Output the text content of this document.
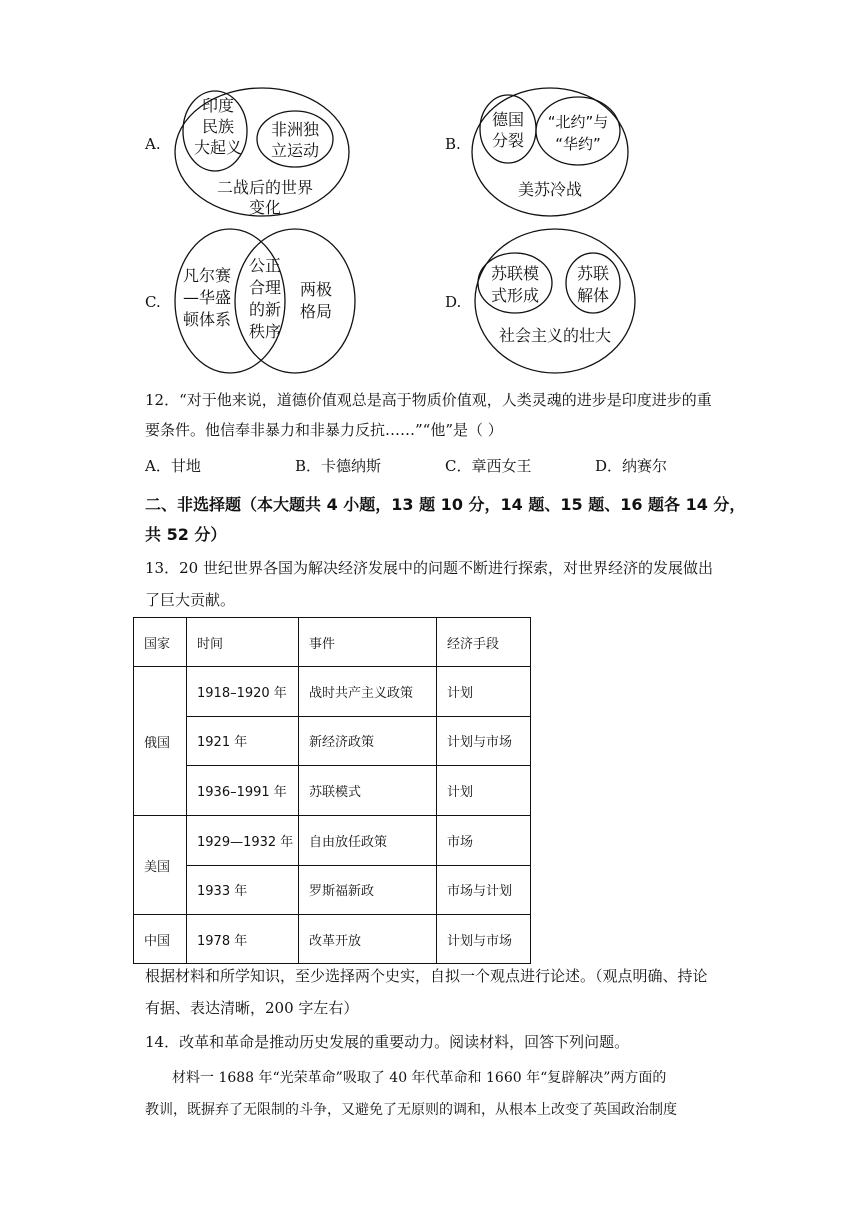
A.
印度
民族
大起义
非洲独
立运动
二战后的世界
变化
B.
德国
分裂
“北约”与
“华约”
美苏冷战
C.
凡尔赛
—华盛
顿体系
公正
合理
的新
秩序
两极
格局	D.
苏联模
式形成
苏联
解体
社会主义的壮大
12．“对于他来说，道德价值观总是高于物质价值观，人类灵魂的进步是印度进步的重
要条件。他信奉非暴力和非暴力反抗……”“他”是（ ）
A．甘地	B．卡德纳斯	C．章西女王	D．纳赛尔
二、非选择题（本大题共 4 小题，13 题 10 分，14 题、15 题、16 题各 14 分，
共 52 分）
13．20 世纪世界各国为解决经济发展中的问题不断进行探索，对世界经济的发展做出
了巨大贡献。
国家	时间	事件	经济手段
俄国	1918–1920 年	战时共产主义政策	计划
	1921 年	新经济政策	计划与市场
	1936–1991 年	苏联模式	计划
美国	1929—1932 年	自由放任政策	市场
	1933 年	罗斯福新政	市场与计划
中国	1978 年	改革开放	计划与市场
根据材料和所学知识，至少选择两个史实，自拟一个观点进行论述。（观点明确、持论
有据、表达清晰，200 字左右）
14．改革和革命是推动历史发展的重要动力。阅读材料，回答下列问题。
材料一 1688 年“光荣革命”吸取了 40 年代革命和 1660 年“复辟解决”两方面的
教训，既摒弃了无限制的斗争，又避免了无原则的调和，从根本上改变了英国政治制度
